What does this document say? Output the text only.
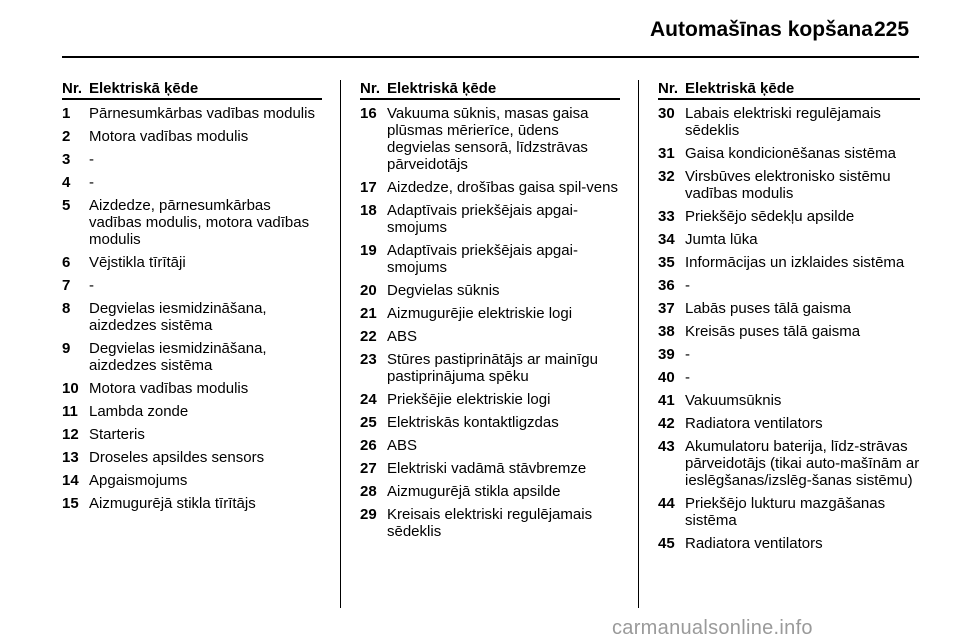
Automašīnas kopšana 225
Nr. Elektriskā ķēde
1	Pārnesumkārbas vadības modulis
2	Motora vadības modulis
3	-
4	-
5	Aizdedze, pārnesumkārbas vadības modulis, motora vadības modulis
6	Vējstikla tīrītāji
7	-
8	Degvielas iesmidzināšana, aizdedzes sistēma
9	Degvielas iesmidzināšana, aizdedzes sistēma
10 Motora vadības modulis
11 Lambda zonde
12 Starteris
13 Droseles apsildes sensors
14 Apgaismojums
15 Aizmugurējā stikla tīrītājs
Nr. Elektriskā ķēde
16 Vakuuma sūknis, masas gaisa plūsmas mērierīce, ūdens degvielas sensorā, līdzstrāvas pārveidotājs
17 Aizdedze, drošības gaisa spil-vens
18 Adaptīvais priekšējais apgai-smojums
19 Adaptīvais priekšējais apgai-smojums
20 Degvielas sūknis
21 Aizmugurējie elektriskie logi
22 ABS
23 Stūres pastiprinātājs ar mainīgu pastiprinājuma spēku
24 Priekšējie elektriskie logi
25 Elektriskās kontaktligzdas
26 ABS
27 Elektriski vadāmā stāvbremze
28 Aizmugurējā stikla apsilde
29 Kreisais elektriski regulējamais sēdeklis
Nr. Elektriskā ķēde
30 Labais elektriski regulējamais sēdeklis
31 Gaisa kondicionēšanas sistēma
32 Virsbūves elektronisko sistēmu vadības modulis
33 Priekšējo sēdekļu apsilde
34 Jumta lūka
35 Informācijas un izklaides sistēma
36 -
37 Labās puses tālā gaisma
38 Kreisās puses tālā gaisma
39 -
40 -
41 Vakuumsūknis
42 Radiatora ventilators
43 Akumulatoru baterija, līdz-strāvas pārveidotājs (tikai auto-mašīnām ar ieslēgšanas/izslēg-šanas sistēmu)
44 Priekšējo lukturu mazgāšanas sistēma
45 Radiatora ventilators
carmanualsonline.info
